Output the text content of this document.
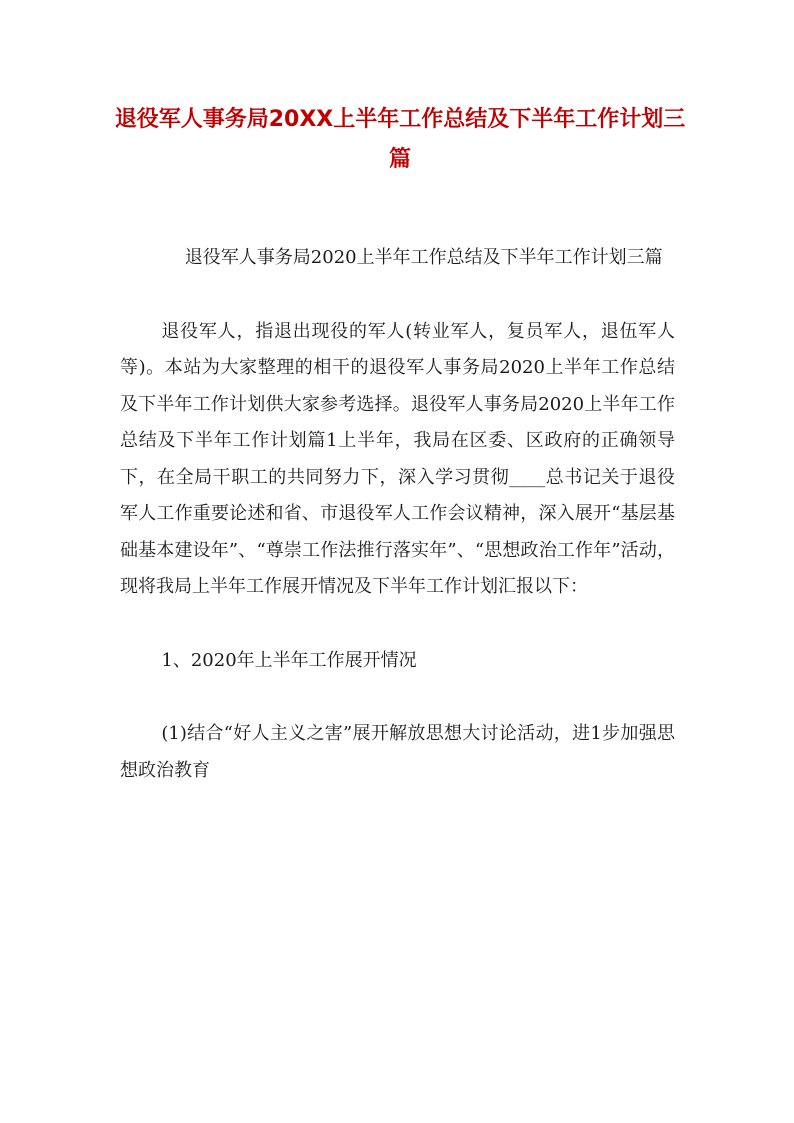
退役军人事务局20XX上半年工作总结及下半年工作计划三篇

退役军人事务局2020上半年工作总结及下半年工作计划三篇

退役军人，指退出现役的军人(转业军人，复员军人，退伍军人等)。本站为大家整理的相干的退役军人事务局2020上半年工作总结及下半年工作计划供大家参考选择。退役军人事务局2020上半年工作总结及下半年工作计划篇1上半年，我局在区委、区政府的正确领导下，在全局干职工的共同努力下，深入学习贯彻____总书记关于退役军人工作重要论述和省、市退役军人工作会议精神，深入展开“基层基础基本建设年”、“尊崇工作法推行落实年”、“思想政治工作年”活动，现将我局上半年工作展开情况及下半年工作计划汇报以下：

1、2020年上半年工作展开情况

(1)结合“好人主义之害”展开解放思想大讨论活动，进1步加强思想政治教育
